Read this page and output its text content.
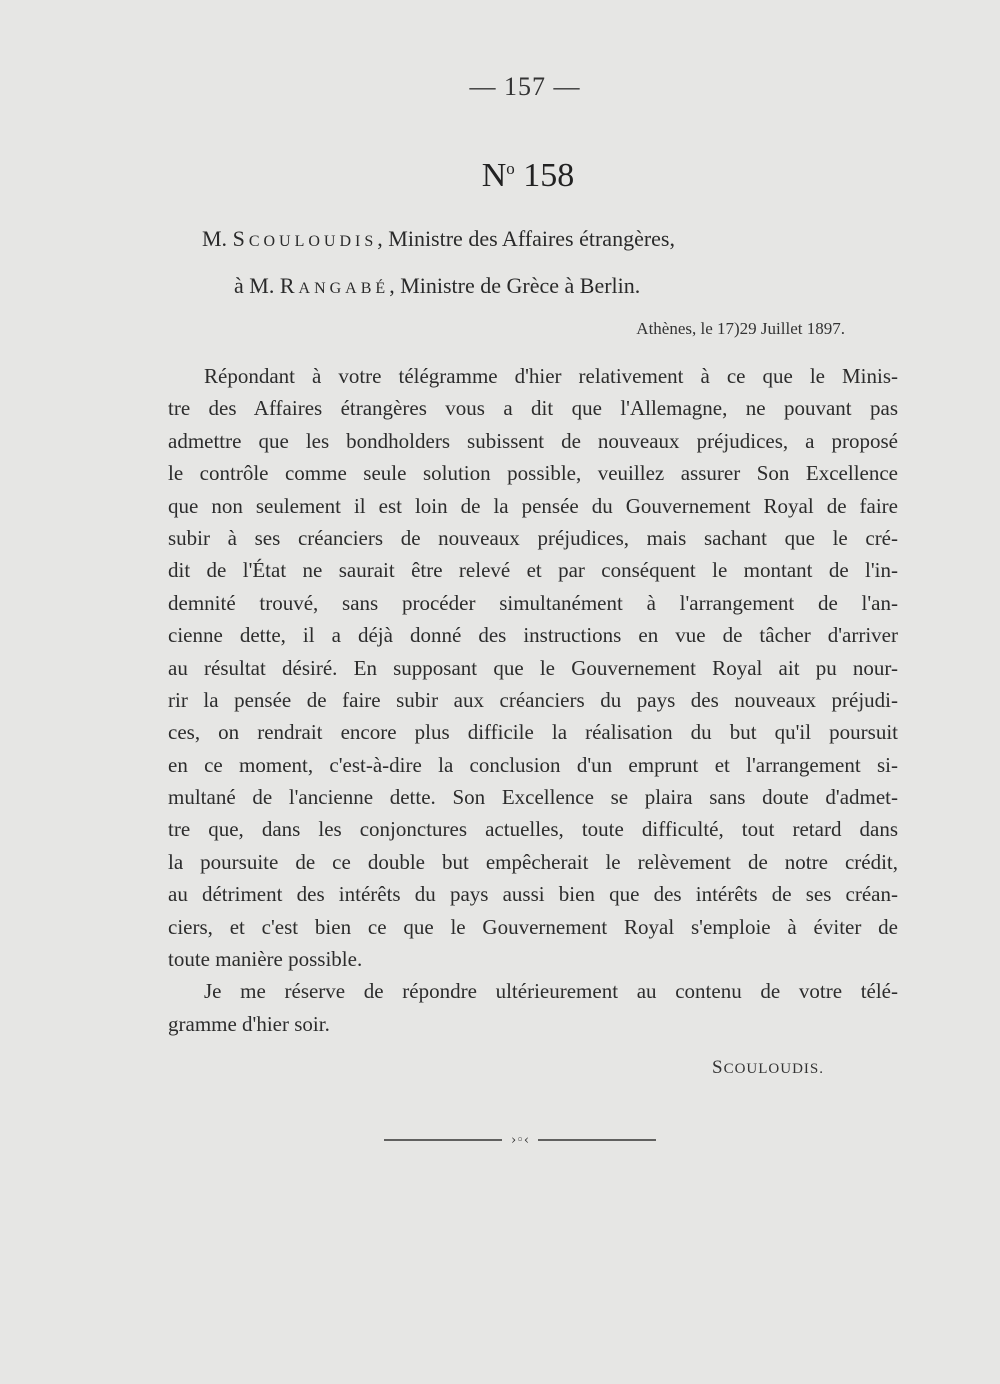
— 157 —
$N^o$ 158
M. SCOULOUDIS, Ministre des Affaires étrangères,
à M. RANGABÉ, Ministre de Grèce à Berlin.
Athènes, le 17)29 Juillet 1897.
Répondant à votre télégramme d'hier relativement à ce que le Minis-
tre des Affaires étrangères vous a dit que l'Allemagne, ne pouvant pas
admettre que les bondholders subissent de nouveaux préjudices, a proposé
le contrôle comme seule solution possible, veuillez assurer Son Excellence
que non seulement il est loin de la pensée du Gouvernement Royal de faire
subir à ses créanciers de nouveaux préjudices, mais sachant que le cré-
dit de l'État ne saurait être relevé et par conséquent le montant de l'in-
demnité trouvé, sans procéder simultanément à l'arrangement de l'an-
cienne dette, il a déjà donné des instructions en vue de tâcher d'arriver
au résultat désiré. En supposant que le Gouvernement Royal ait pu nour-
rir la pensée de faire subir aux créanciers du pays des nouveaux préjudi-
ces, on rendrait encore plus difficile la réalisation du but qu'il poursuit
en ce moment, c'est-à-dire la conclusion d'un emprunt et l'arrangement si-
multané de l'ancienne dette. Son Excellence se plaira sans doute d'admet-
tre que, dans les conjonctures actuelles, toute difficulté, tout retard dans
la poursuite de ce double but empêcherait le relèvement de notre crédit,
au détriment des intérêts du pays aussi bien que des intérêts de ses créan-
ciers, et c'est bien ce que le Gouvernement Royal s'emploie à éviter de
toute manière possible.
Je me réserve de répondre ultérieurement au contenu de votre télé-
gramme d'hier soir.
SCOULOUDIS.
›◦‹
